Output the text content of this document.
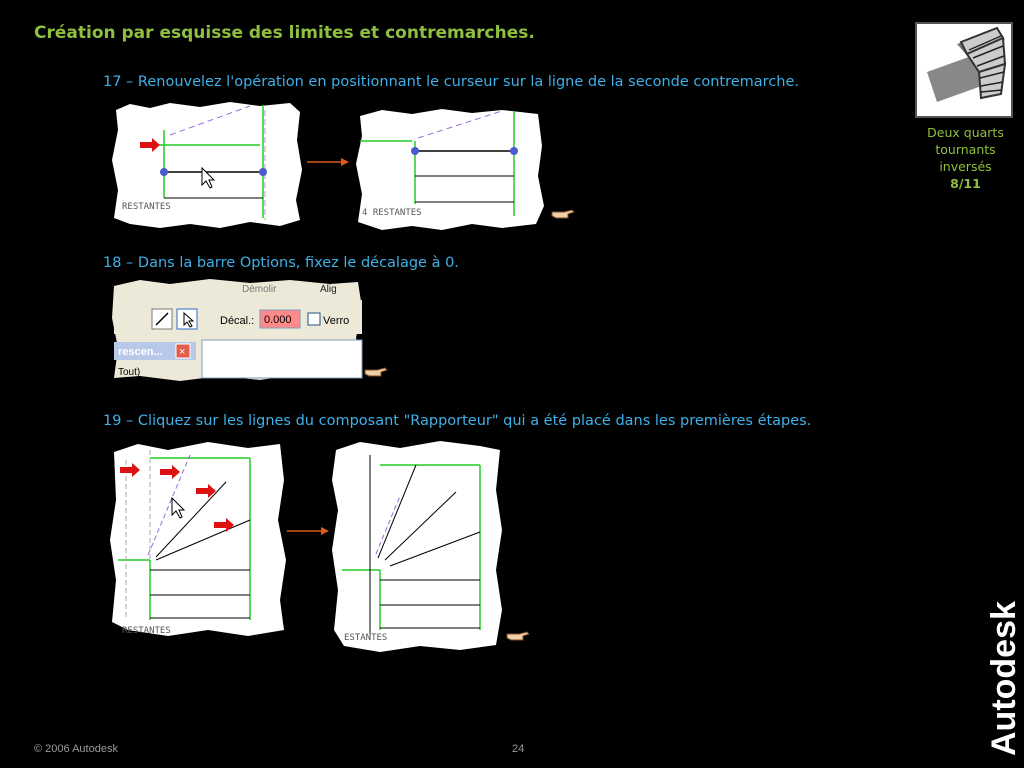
Création par esquisse des limites et contremarches.
Deux quarts
tournants
inversés
8/11
17 – Renouvelez l'opération en positionnant le curseur sur la ligne de la seconde contremarche.
RESTANTES
4 RESTANTES
18 – Dans la barre Options, fixez le décalage à 0.
Démolir	Alig
Décal.: 0.000	Verro
rescen... ×
Tout)
19 – Cliquez sur les lignes du composant "Rapporteur" qui a été placé dans les premières étapes.
RESTANTES
ESTANTES
© 2006 Autodesk	24	Autodesk
